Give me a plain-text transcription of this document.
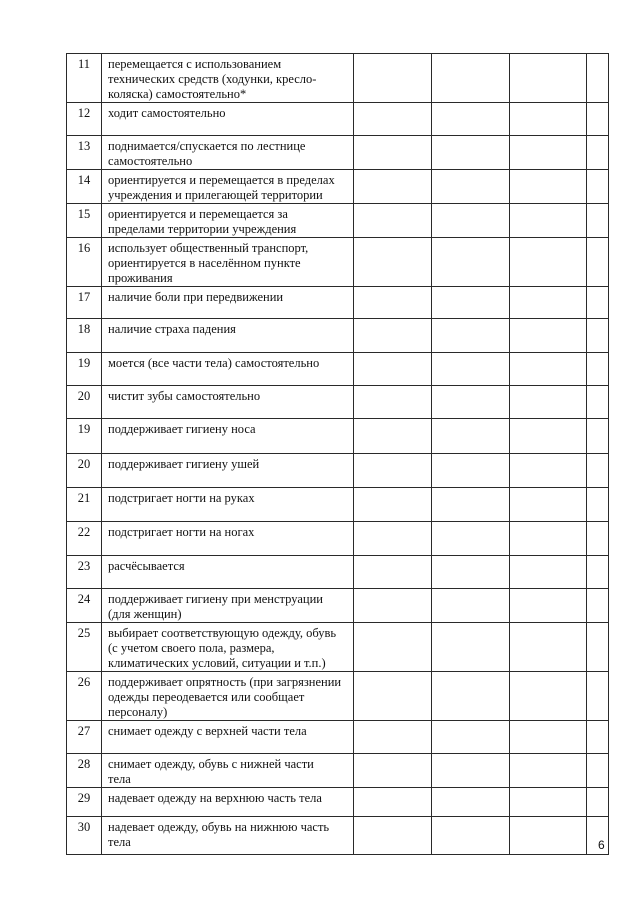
11	перемещается с использованием
технических средств (ходунки, кресло-
коляска) самостоятельно*				
12	ходит самостоятельно				
13	поднимается/спускается по лестнице
самостоятельно				
14	ориентируется и перемещается в пределах
учреждения и прилегающей территории				
15	ориентируется и перемещается за
пределами территории учреждения				
16	использует общественный транспорт,
ориентируется в населённом пункте
проживания				
17	наличие боли при передвижении				
18	наличие страха падения				
19	моется (все части тела) самостоятельно				
20	чистит зубы самостоятельно				
19	поддерживает гигиену носа				
20	поддерживает гигиену ушей				
21	подстригает ногти на руках				
22	подстригает ногти на ногах				
23	расчёсывается				
24	поддерживает гигиену при менструации
(для женщин)				
25	выбирает соответствующую одежду, обувь
(с учетом своего пола, размера,
климатических условий, ситуации и т.п.)				
26	поддерживает опрятность (при загрязнении
одежды переодевается или сообщает
персоналу)				
27	снимает одежду с верхней части тела				
28	снимает одежду, обувь с нижней части
тела				
29	надевает одежду на верхнюю часть тела				
30	надевает одежду, обувь на нижнюю часть
тела					6
